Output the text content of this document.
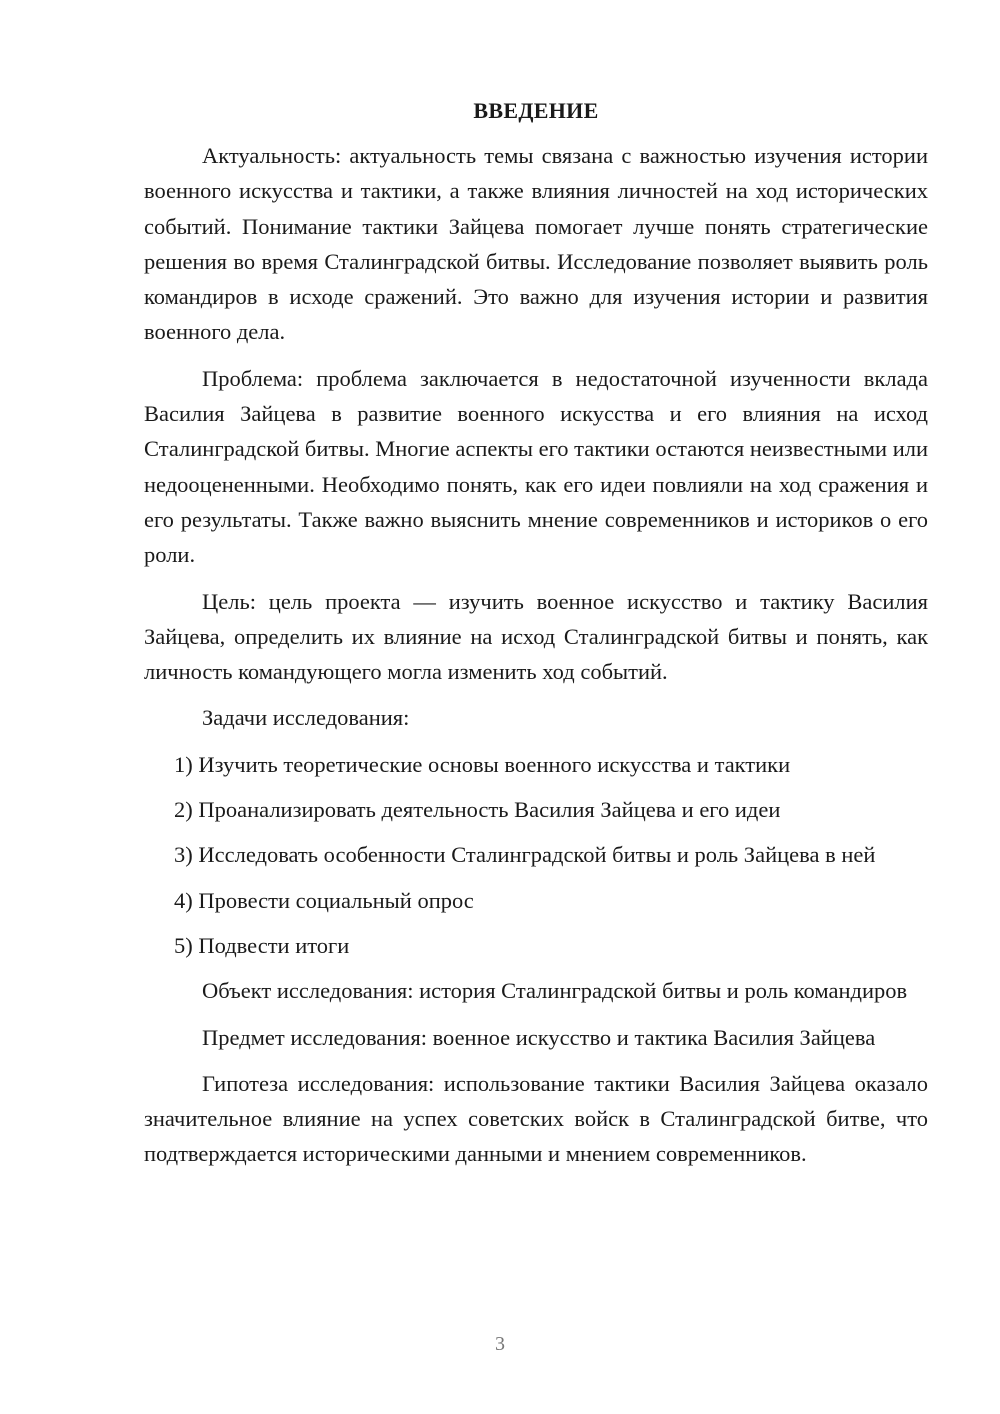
ВВЕДЕНИЕ

Актуальность: актуальность темы связана с важностью изучения истории военного искусства и тактики, а также влияния личностей на ход исторических событий. Понимание тактики Зайцева помогает лучше понять стратегические решения во время Сталинградской битвы. Исследование позволяет выявить роль командиров в исходе сражений. Это важно для изучения истории и развития военного дела.

Проблема: проблема заключается в недостаточной изученности вклада Василия Зайцева в развитие военного искусства и его влияния на исход Сталинградской битвы. Многие аспекты его тактики остаются неизвестными или недооцененными. Необходимо понять, как его идеи повлияли на ход сражения и его результаты. Также важно выяснить мнение современников и историков о его роли.

Цель: цель проекта — изучить военное искусство и тактику Василия Зайцева, определить их влияние на исход Сталинградской битвы и понять, как личность командующего могла изменить ход событий.

Задачи исследования:

1) Изучить теоретические основы военного искусства и тактики

2) Проанализировать деятельность Василия Зайцева и его идеи

3) Исследовать особенности Сталинградской битвы и роль Зайцева в ней

4) Провести социальный опрос

5) Подвести итоги

Объект исследования: история Сталинградской битвы и роль командиров

Предмет исследования: военное искусство и тактика Василия Зайцева

Гипотеза исследования: использование тактики Василия Зайцева оказало значительное влияние на успех советских войск в Сталинградской битве, что подтверждается историческими данными и мнением современников.

3
